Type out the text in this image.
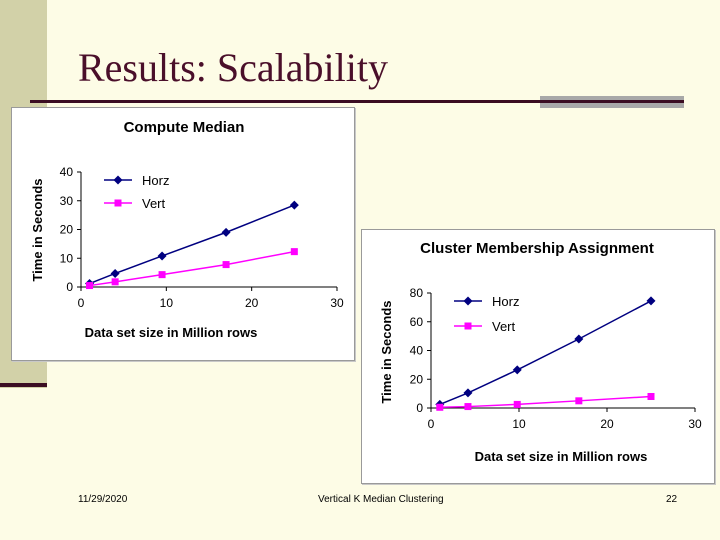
Results: Scalability
Compute Median
Data set size in Million rows
Time in Seconds
0
10
20
30
40
0	10	20	30
Horz
Vert
Cluster Membership Assignment
Data set size in Million rows
Time in Seconds
0
20
40
60
80
0	10	20	30
Horz
Vert
11/29/2020	Vertical K Median Clustering	22
